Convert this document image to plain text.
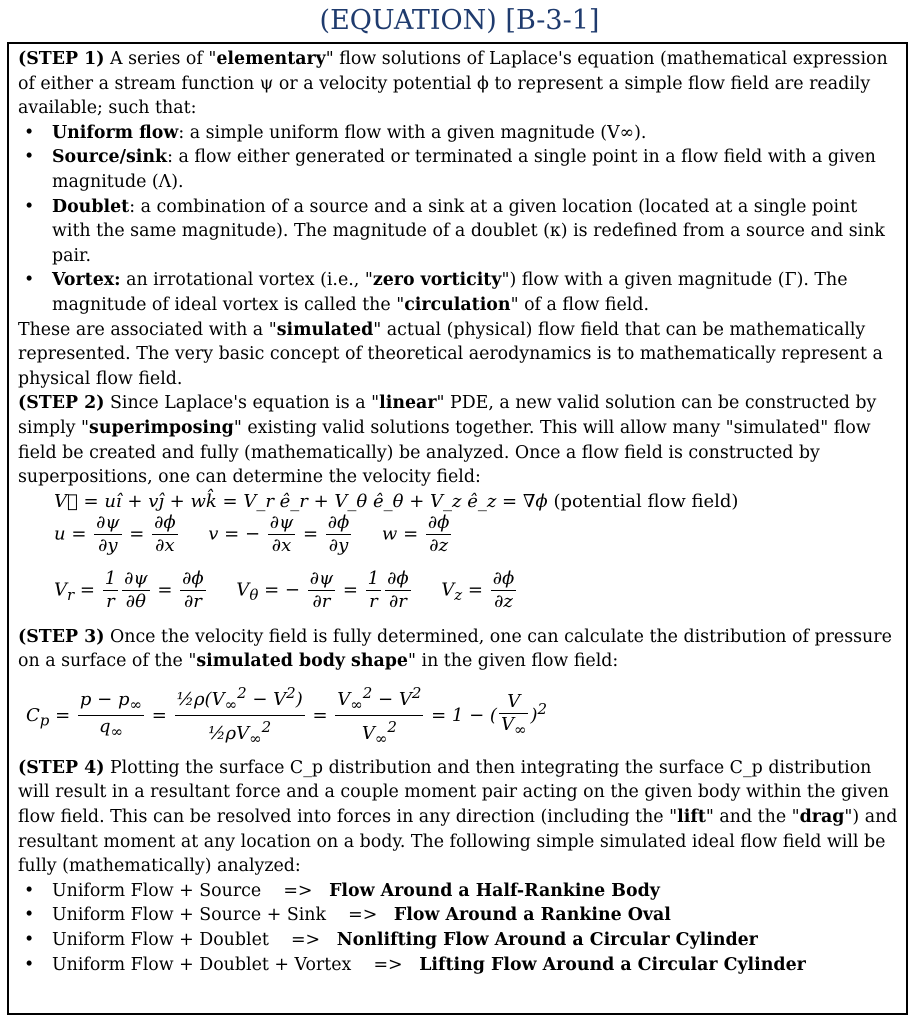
(EQUATION) [B-3-1]

(STEP 1) A series of "elementary" flow solutions of Laplace's equation (mathematical expression of either a stream function ψ or a velocity potential ϕ to represent a simple flow field are readily available; such that:

• Uniform flow: a simple uniform flow with a given magnitude (V∞).
• Source/sink: a flow either generated or terminated a single point in a flow field with a given magnitude (Λ).
• Doublet: a combination of a source and a sink at a given location (located at a single point with the same magnitude). The magnitude of a doublet (κ) is redefined from a source and sink pair.
• Vortex: an irrotational vortex (i.e., "zero vorticity") flow with a given magnitude (Γ). The magnitude of ideal vortex is called the "circulation" of a flow field.

These are associated with a "simulated" actual (physical) flow field that can be mathematically represented. The very basic concept of theoretical aerodynamics is to mathematically represent a physical flow field.

(STEP 2) Since Laplace's equation is a "linear" PDE, a new valid solution can be constructed by simply "superimposing" existing valid solutions together. This will allow many "simulated" flow field be created and fully (mathematically) be analyzed. Once a flow field is constructed by superpositions, one can determine the velocity field:

V⃗ = uî + vĵ + wk̂ = V_r ê_r + V_θ ê_θ + V_z ê_z = ∇ϕ (potential flow field)
$u = \frac{\partial\psi}{\partial y} = \frac{\partial\phi}{\partial x}$ v = − $\frac{\partial\psi}{\partial x} = \frac{\partial\phi}{\partial y}$ $w = \frac{\partial\phi}{\partial z}$
$V_r = \frac{1}{r} \frac{\partial\psi}{\partial\theta} = \frac{\partial\phi}{\partial r} V_\theta$ = − $\frac{\partial\psi}{\partial r} = \frac{1}{r} \frac{\partial\phi}{\partial r} V_z = \frac{\partial\phi}{\partial z}$

(STEP 3) Once the velocity field is fully determined, one can calculate the distribution of pressure on a surface of the "simulated body shape" in the given flow field:

$C_p = \frac{p - p_\infty}{q_\infty} = \frac{\frac{1}{2}\rho(V_\infty^2 - V^2)}{\frac{1}{2}\rho V_\infty^2} = \frac{V_\infty^2 - V^2}{V_\infty^2} = 1$ − ( $\frac{V}{V_\infty} )^2$

(STEP 4) Plotting the surface C_p distribution and then integrating the surface C_p distribution will result in a resultant force and a couple moment pair acting on the given body within the given flow field. This can be resolved into forces in any direction (including the "lift" and the "drag") and resultant moment at any location on a body. The following simple simulated ideal flow field will be fully (mathematically) analyzed:

• Uniform Flow + Source => Flow Around a Half-Rankine Body
• Uniform Flow + Source + Sink => Flow Around a Rankine Oval
• Uniform Flow + Doublet => Nonlifting Flow Around a Circular Cylinder
• Uniform Flow + Doublet + Vortex => Lifting Flow Around a Circular Cylinder
